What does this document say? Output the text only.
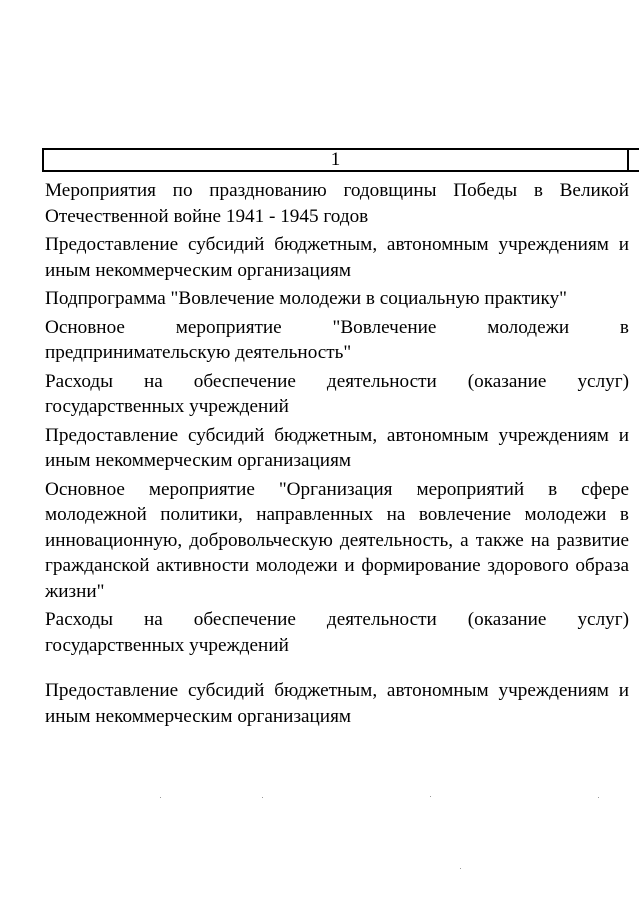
1
Мероприятия по празднованию годовщины Победы в Великой Отечественной войне 1941 - 1945 годов
Предоставление субсидий бюджетным, автономным учреждениям и иным некоммерческим организациям
Подпрограмма "Вовлечение молодежи в социальную практику"
Основное мероприятие "Вовлечение молодежи в предпринимательскую деятельность"
Расходы на обеспечение деятельности (оказание услуг) государственных учреждений
Предоставление субсидий бюджетным, автономным учреждениям и иным некоммерческим организациям
Основное мероприятие "Организация мероприятий в сфере молодежной политики, направленных на вовлечение молодежи в инновационную, добровольческую деятельность, а также на развитие гражданской активности молодежи и формирование здорового образа жизни"
Расходы на обеспечение деятельности (оказание услуг) государственных учреждений
Предоставление субсидий бюджетным, автономным учреждениям и иным некоммерческим организациям
